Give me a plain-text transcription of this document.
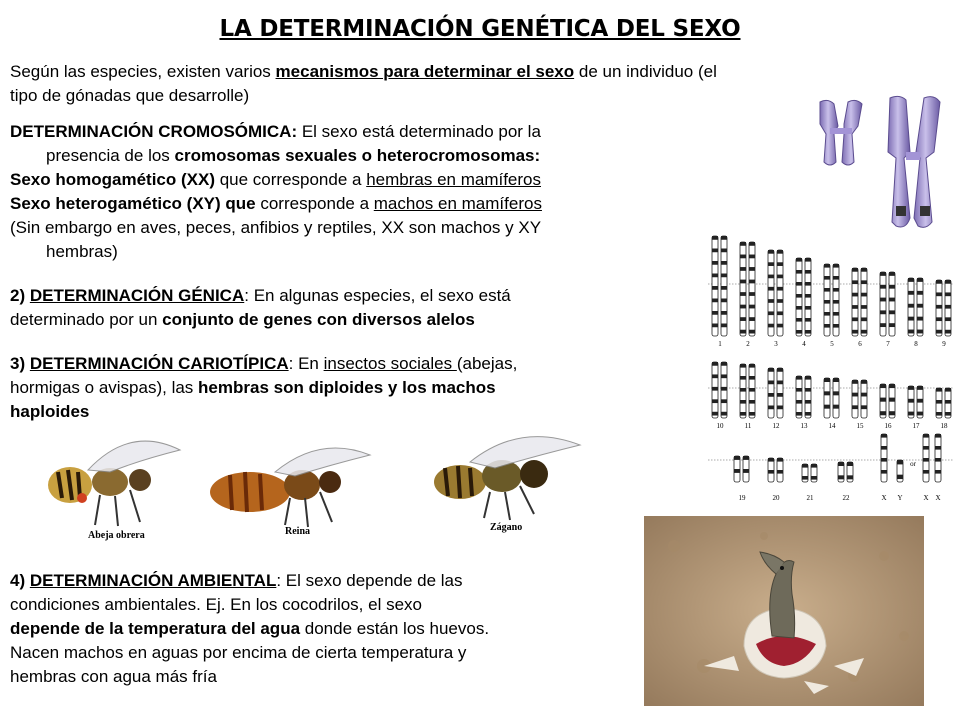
LA DETERMINACIÓN GENÉTICA DEL SEXO
Según las especies, existen varios mecanismos para determinar el sexo de un individuo (el
tipo de gónadas que desarrolle)
DETERMINACIÓN CROMOSÓMICA: El sexo está determinado por la
presencia de los cromosomas sexuales o heterocromosomas:
Sexo homogamético (XX) que corresponde a hembras en mamíferos
Sexo heterogamético (XY) que corresponde a machos en mamíferos
(Sin embargo en aves, peces, anfibios y reptiles, XX son machos y XY
hembras)
2) DETERMINACIÓN GÉNICA: En algunas especies, el sexo está
determinado por un conjunto de genes con diversos alelos
3) DETERMINACIÓN CARIOTÍPICA: En insectos sociales (abejas,
hormigas o avispas), las hembras son diploides y los machos
haploides
4) DETERMINACIÓN AMBIENTAL: El sexo depende de las
condiciones ambientales. Ej. En los cocodrilos, el sexo
depende de la temperatura del agua donde están los huevos.
Nacen machos en aguas por encima de cierta temperatura y
hembras con agua más fría
1	2	3	4	5	6	7	8	9
10	11	12	13	14	15	16	17	18
19	20	21	22	X Y	X X
or
Abeja obrera	Reina	Zágano
